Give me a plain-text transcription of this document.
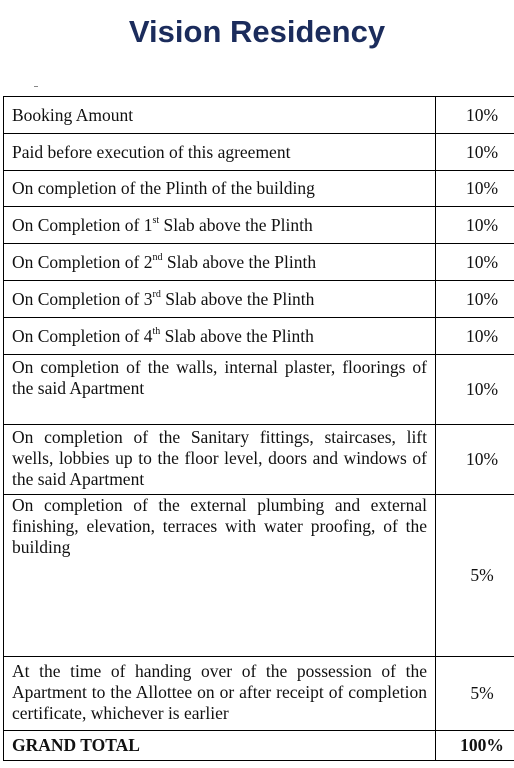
Vision Residency
Booking Amount	10%	
Paid before execution of this agreement	10%	
On completion of the Plinth of the building	10%	
On Completion of 1st Slab above the Plinth	10%	
On Completion of 2nd Slab above the Plinth	10%	
On Completion of 3rd Slab above the Plinth	10%	
On Completion of 4th Slab above the Plinth	10%	
On completion of the walls, internal plaster, floorings of the said Apartment	10%	
On completion of the Sanitary fittings, staircases, lift wells, lobbies up to the floor level, doors and windows of the said Apartment	10%	
On completion of the external plumbing and external finishing, elevation, terraces with water proofing, of the building	5%	
At the time of handing over of the possession of the Apartment to the Allottee on or after receipt of completion certificate, whichever is earlier	5%	
GRAND TOTAL	100%	
